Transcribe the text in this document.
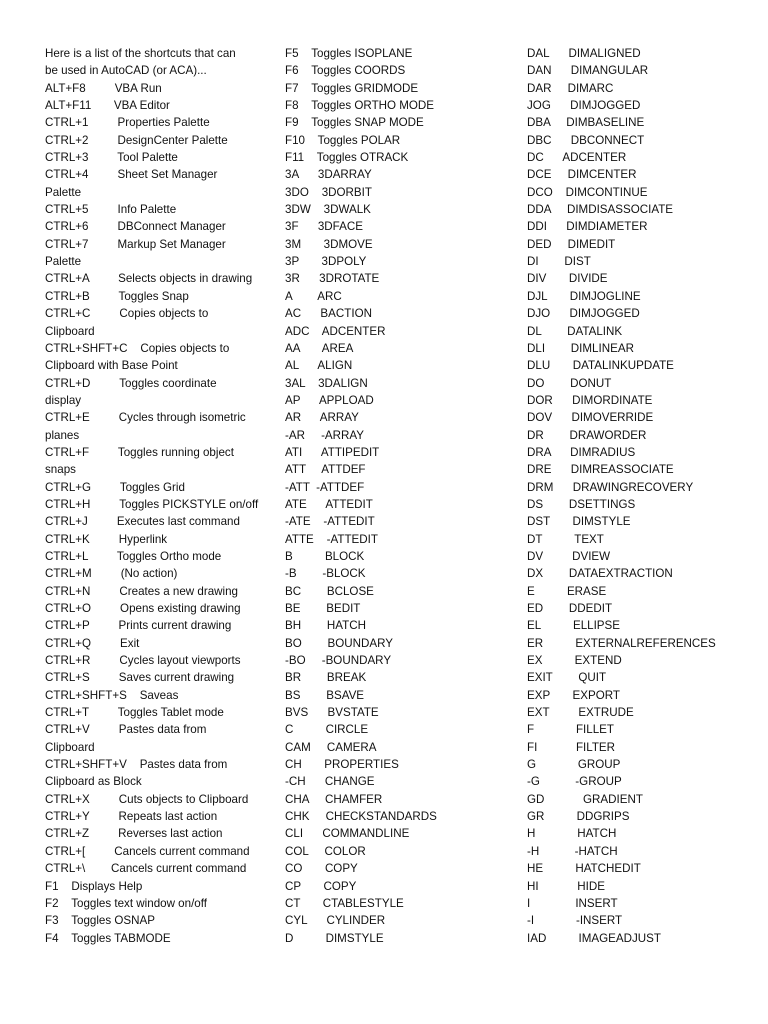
Here is a list of the shortcuts that can
be used in AutoCAD (or ACA)...
ALT+F8         VBA Run
ALT+F11       VBA Editor
CTRL+1         Properties Palette
CTRL+2         DesignCenter Palette
CTRL+3         Tool Palette
CTRL+4         Sheet Set Manager
Palette
CTRL+5         Info Palette
CTRL+6         DBConnect Manager
CTRL+7         Markup Set Manager
Palette
CTRL+A         Selects objects in drawing
CTRL+B         Toggles Snap
CTRL+C         Copies objects to
Clipboard
CTRL+SHFT+C    Copies objects to
Clipboard with Base Point
CTRL+D         Toggles coordinate
display
CTRL+E         Cycles through isometric
planes
CTRL+F         Toggles running object
snaps
CTRL+G         Toggles Grid
CTRL+H         Toggles PICKSTYLE on/off
CTRL+J         Executes last command
CTRL+K         Hyperlink
CTRL+L         Toggles Ortho mode
CTRL+M         (No action)
CTRL+N         Creates a new drawing
CTRL+O         Opens existing drawing
CTRL+P         Prints current drawing
CTRL+Q         Exit
CTRL+R         Cycles layout viewports
CTRL+S         Saves current drawing
CTRL+SHFT+S    Saveas
CTRL+T         Toggles Tablet mode
CTRL+V         Pastes data from
Clipboard
CTRL+SHFT+V    Pastes data from
Clipboard as Block
CTRL+X         Cuts objects to Clipboard
CTRL+Y         Repeats last action
CTRL+Z         Reverses last action
CTRL+[         Cancels current command
CTRL+\        Cancels current command
F1    Displays Help
F2    Toggles text window on/off
F3    Toggles OSNAP
F4    Toggles TABMODE
F5    Toggles ISOPLANE
F6    Toggles COORDS
F7    Toggles GRIDMODE
F8    Toggles ORTHO MODE
F9    Toggles SNAP MODE
F10    Toggles POLAR
F11    Toggles OTRACK
3A      3DARRAY
3DO    3DORBIT
3DW    3DWALK
3F      3DFACE
3M       3DMOVE
3P       3DPOLY
3R      3DROTATE
A        ARC
AC      BACTION
ADC    ADCENTER
AA       AREA
AL      ALIGN
3AL    3DALIGN
AP      APPLOAD
AR      ARRAY
-AR     -ARRAY
ATI      ATTIPEDIT
ATT     ATTDEF
-ATT  -ATTDEF
ATE      ATTEDIT
-ATE    -ATTEDIT
ATTE    -ATTEDIT
B          BLOCK
-B        -BLOCK
BC        BCLOSE
BE        BEDIT
BH        HATCH
BO        BOUNDARY
-BO     -BOUNDARY
BR        BREAK
BS        BSAVE
BVS      BVSTATE
C          CIRCLE
CAM     CAMERA
CH       PROPERTIES
-CH      CHANGE
CHA     CHAMFER
CHK     CHECKSTANDARDS
CLI      COMMANDLINE
COL     COLOR
CO       COPY
CP       COPY
CT       CTABLESTYLE
CYL      CYLINDER
D          DIMSTYLE
DAL      DIMALIGNED
DAN      DIMANGULAR
DAR     DIMARC
JOG      DIMJOGGED
DBA     DIMBASELINE
DBC      DBCONNECT
DC      ADCENTER
DCE     DIMCENTER
DCO    DIMCONTINUE
DDA     DIMDISASSOCIATE
DDI      DIMDIAMETER
DED     DIMEDIT
DI        DIST
DIV       DIVIDE
DJL       DIMJOGLINE
DJO      DIMJOGGED
DL        DATALINK
DLI        DIMLINEAR
DLU       DATALINKUPDATE
DO        DONUT
DOR      DIMORDINATE
DOV      DIMOVERRIDE
DR        DRAWORDER
DRA      DIMRADIUS
DRE      DIMREASSOCIATE
DRM      DRAWINGRECOVERY
DS        DSETTINGS
DST       DIMSTYLE
DT          TEXT
DV         DVIEW
DX        DATAEXTRACTION
E          ERASE
ED        DDEDIT
EL          ELLIPSE
ER          EXTERNALREFERENCES
EX          EXTEND
EXIT        QUIT
EXP       EXPORT
EXT         EXTRUDE
F             FILLET
FI            FILTER
G             GROUP
-G           -GROUP
GD            GRADIENT
GR          DDGRIPS
H             HATCH
-H           -HATCH
HE          HATCHEDIT
HI            HIDE
I              INSERT
-I             -INSERT
IAD          IMAGEADJUST
